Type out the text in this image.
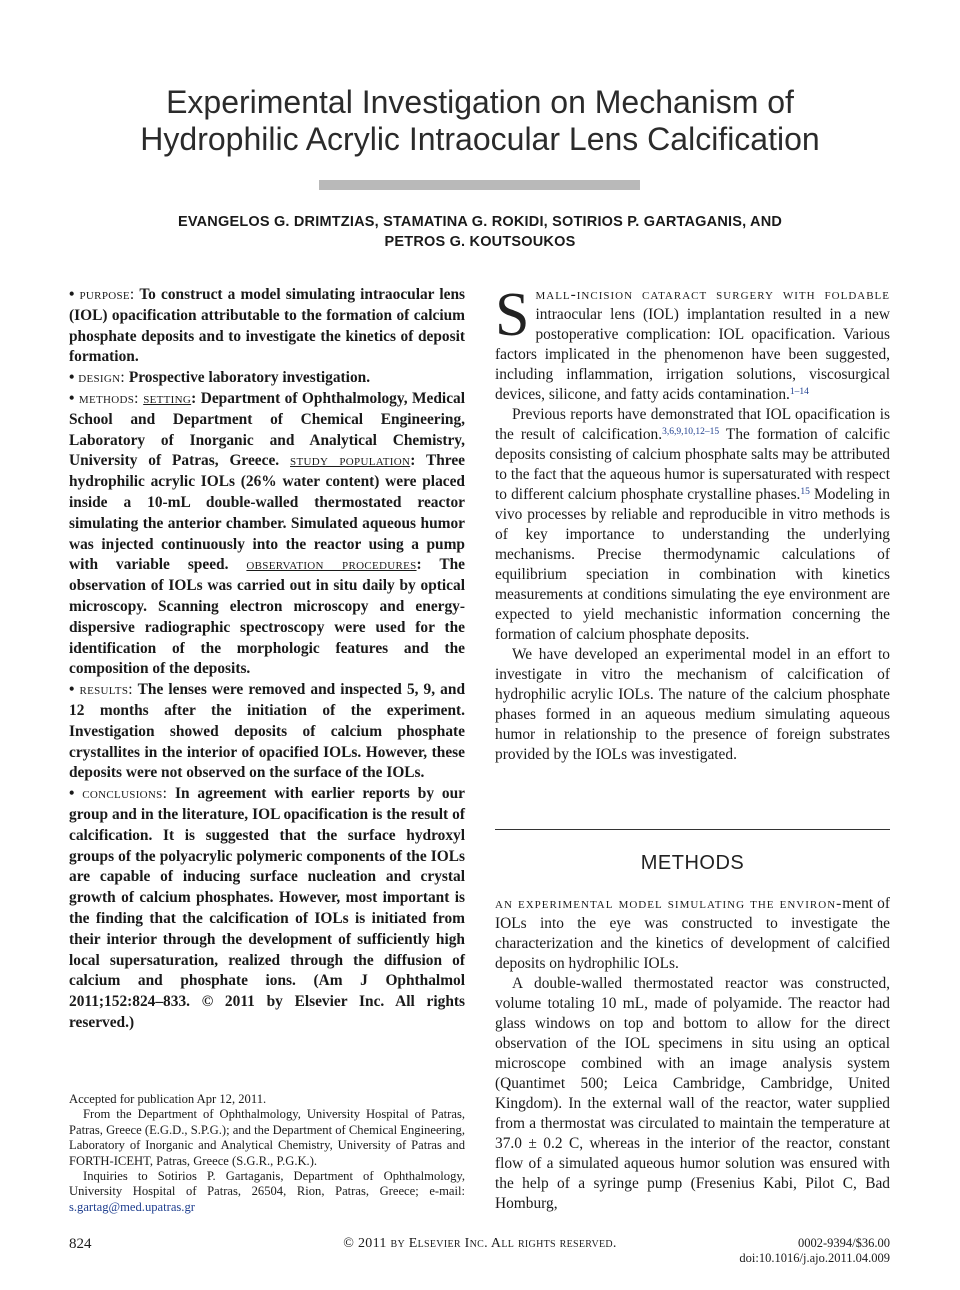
Experimental Investigation on Mechanism of
Hydrophilic Acrylic Intraocular Lens Calcification
EVANGELOS G. DRIMTZIAS, STAMATINA G. ROKIDI, SOTIRIOS P. GARTAGANIS, AND
PETROS G. KOUTSOUKOS

• purpose: To construct a model simulating intraocular lens (IOL) opacification attributable to the formation of calcium phosphate deposits and to investigate the kinetics of deposit formation.

• design: Prospective laboratory investigation.

• methods: setting: Department of Ophthalmology, Medical School and Department of Chemical Engineering, Laboratory of Inorganic and Analytical Chemistry, University of Patras, Greece. study population: Three hydrophilic acrylic IOLs (26% water content) were placed inside a 10-mL double-walled thermostated reactor simulating the anterior chamber. Simulated aqueous humor was injected continuously into the reactor using a pump with variable speed. observation procedures: The observation of IOLs was carried out in situ daily by optical microscopy. Scanning electron microscopy and energy-dispersive radiographic spectroscopy were used for the identification of the morphologic features and the composition of the deposits.

• results: The lenses were removed and inspected 5, 9, and 12 months after the initiation of the experiment. Investigation showed deposits of calcium phosphate crystallites in the interior of opacified IOLs. However, these deposits were not observed on the surface of the IOLs.

• conclusions: In agreement with earlier reports by our group and in the literature, IOL opacification is the result of calcification. It is suggested that the surface hydroxyl groups of the polyacrylic polymeric components of the IOLs are capable of inducing surface nucleation and crystal growth of calcium phosphates. However, most important is the finding that the calcification of IOLs is initiated from their interior through the development of sufficiently high local supersaturation, realized through the diffusion of calcium and phosphate ions. (Am J Ophthalmol 2011;152:824–833. © 2011 by Elsevier Inc. All rights reserved.)

Small-incision cataract surgery with foldable intraocular lens (IOL) implantation resulted in a new postoperative complication: IOL opacification. Various factors implicated in the phenomenon have been suggested, including inflammation, irrigation solutions, viscosurgical devices, silicone, and fatty acids contamination.$^{1-14}$

Previous reports have demonstrated that IOL opacification is the result of calcification.$^{3,6,9,10,12-15}$ The formation of calcific deposits consisting of calcium phosphate salts may be attributed to the fact that the aqueous humor is supersaturated with respect to different calcium phosphate crystalline phases.$^{15}$ Modeling in vivo processes by reliable and reproducible in vitro methods is of key importance to understanding the underlying mechanisms. Precise thermodynamic calculations of equilibrium speciation in combination with kinetics measurements at conditions simulating the eye environment are expected to yield mechanistic information concerning the formation of calcium phosphate deposits.

We have developed an experimental model in an effort to investigate in vitro the mechanism of calcification of hydrophilic acrylic IOLs. The nature of the calcium phosphate phases formed in an aqueous medium simulating aqueous humor in relationship to the presence of foreign substrates provided by the IOLs was investigated.

METHODS

an experimental model simulating the environ-ment of IOLs into the eye was constructed to investigate the characterization and the kinetics of development of calcified deposits on hydrophilic IOLs.

A double-walled thermostated reactor was constructed, volume totaling 10 mL, made of polyamide. The reactor had glass windows on top and bottom to allow for the direct observation of the IOL specimens in situ using an optical microscope combined with an image analysis system (Quantimet 500; Leica Cambridge, Cambridge, United Kingdom). In the external wall of the reactor, water supplied from a thermostat was circulated to maintain the temperature at 37.0 ± 0.2 C, whereas in the interior of the reactor, constant flow of a simulated aqueous humor solution was ensured with the help of a syringe pump (Fresenius Kabi, Pilot C, Bad Homburg,

Accepted for publication Apr 12, 2011.

From the Department of Ophthalmology, University Hospital of Patras, Patras, Greece (E.G.D., S.P.G.); and the Department of Chemical Engineering, Laboratory of Inorganic and Analytical Chemistry, University of Patras and FORTH-ICEHT, Patras, Greece (S.G.R., P.G.K.).

Inquiries to Sotirios P. Gartaganis, Department of Ophthalmology, University Hospital of Patras, 26504, Rion, Patras, Greece; e-mail: s.gartag@med.upatras.gr

824	© 2011 by Elsevier Inc. All rights reserved.	0002-9394/$36.00
doi:10.1016/j.ajo.2011.04.009
